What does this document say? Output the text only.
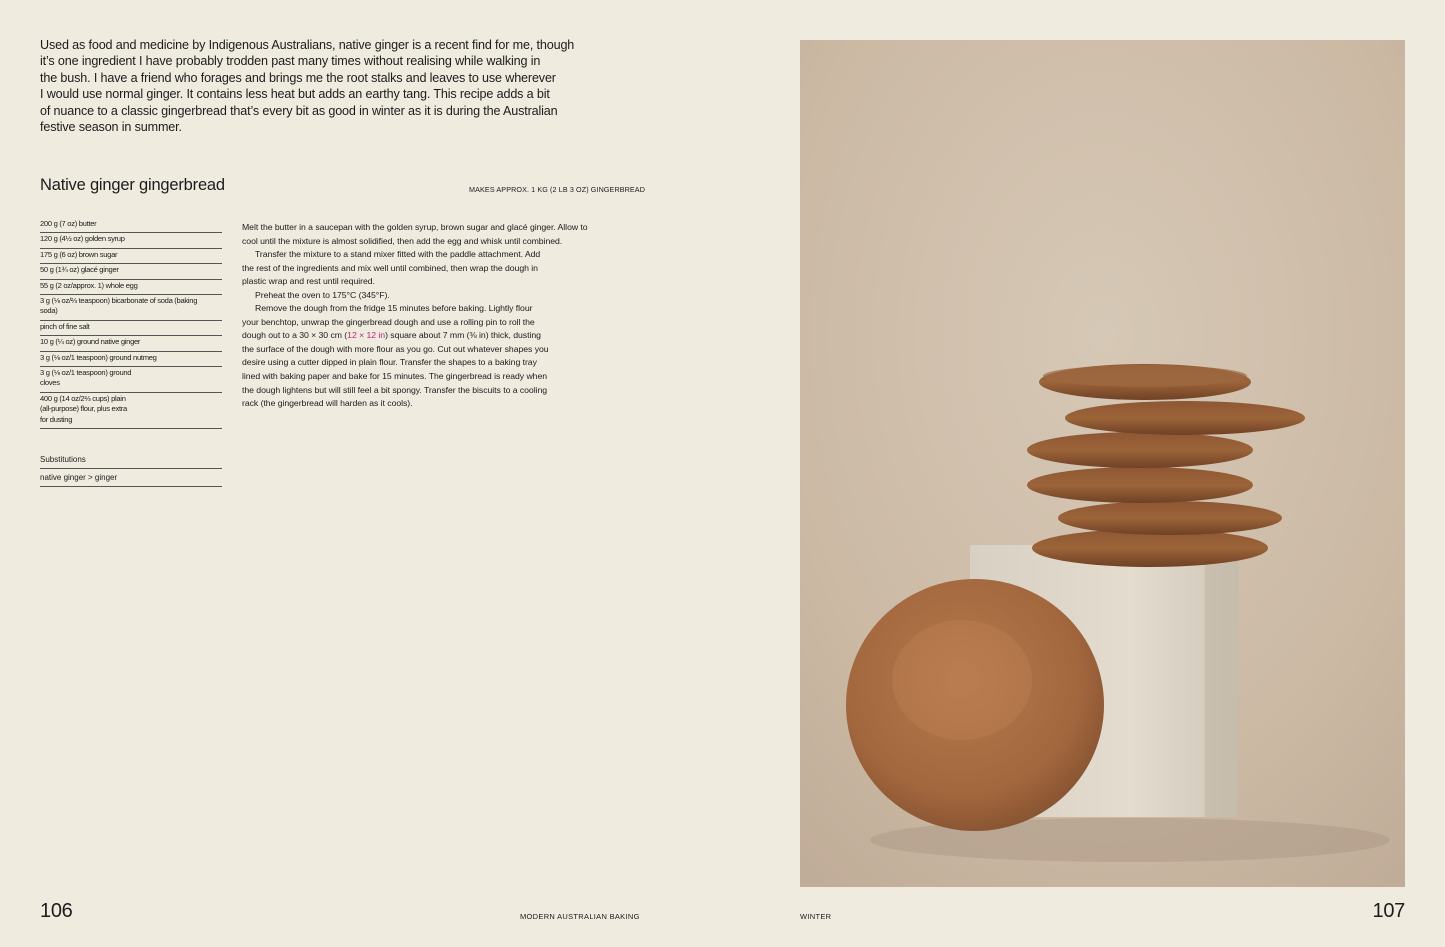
Used as food and medicine by Indigenous Australians, native ginger is a recent find for me, though
it’s one ingredient I have probably trodden past many times without realising while walking in
the bush. I have a friend who forages and brings me the root stalks and leaves to use wherever
I would use normal ginger. It contains less heat but adds an earthy tang. This recipe adds a bit
of nuance to a classic gingerbread that’s every bit as good in winter as it is during the Australian
festive season in summer.
Native ginger gingerbread	MAKES APPROX. 1 KG (2 LB 3 OZ) GINGERBREAD
200 g (7 oz) butter
120 g (4½ oz) golden syrup
175 g (6 oz) brown sugar
50 g (1¾ oz) glacé ginger
55 g (2 oz/approx. 1) whole egg
3 g (⅛ oz/⅔ teaspoon) bicarbonate of soda (baking
soda)
pinch of fine salt
10 g (¼ oz) ground native ginger
3 g (⅛ oz/1 teaspoon) ground nutmeg
3 g (⅛ oz/1 teaspoon) ground
cloves
400 g (14 oz/2⅔ cups) plain
(all-purpose) flour, plus extra
for dusting
Substitutions
native ginger > ginger
Melt the butter in a saucepan with the golden syrup, brown sugar and glacé ginger. Allow to
cool until the mixture is almost solidified, then add the egg and whisk until combined.
Transfer the mixture to a stand mixer fitted with the paddle attachment. Add
the rest of the ingredients and mix well until combined, then wrap the dough in
plastic wrap and rest until required.
Preheat the oven to 175°C (345°F).
Remove the dough from the fridge 15 minutes before baking. Lightly flour
your benchtop, unwrap the gingerbread dough and use a rolling pin to roll the
dough out to a 30 × 30 cm (12 × 12 in) square about 7 mm (⅜ in) thick, dusting
the surface of the dough with more flour as you go. Cut out whatever shapes you
desire using a cutter dipped in plain flour. Transfer the shapes to a baking tray
lined with baking paper and bake for 15 minutes. The gingerbread is ready when
the dough lightens but will still feel a bit spongy. Transfer the biscuits to a cooling
rack (the gingerbread will harden as it cools).
106	MODERN AUSTRALIAN BAKING	WINTER	107
